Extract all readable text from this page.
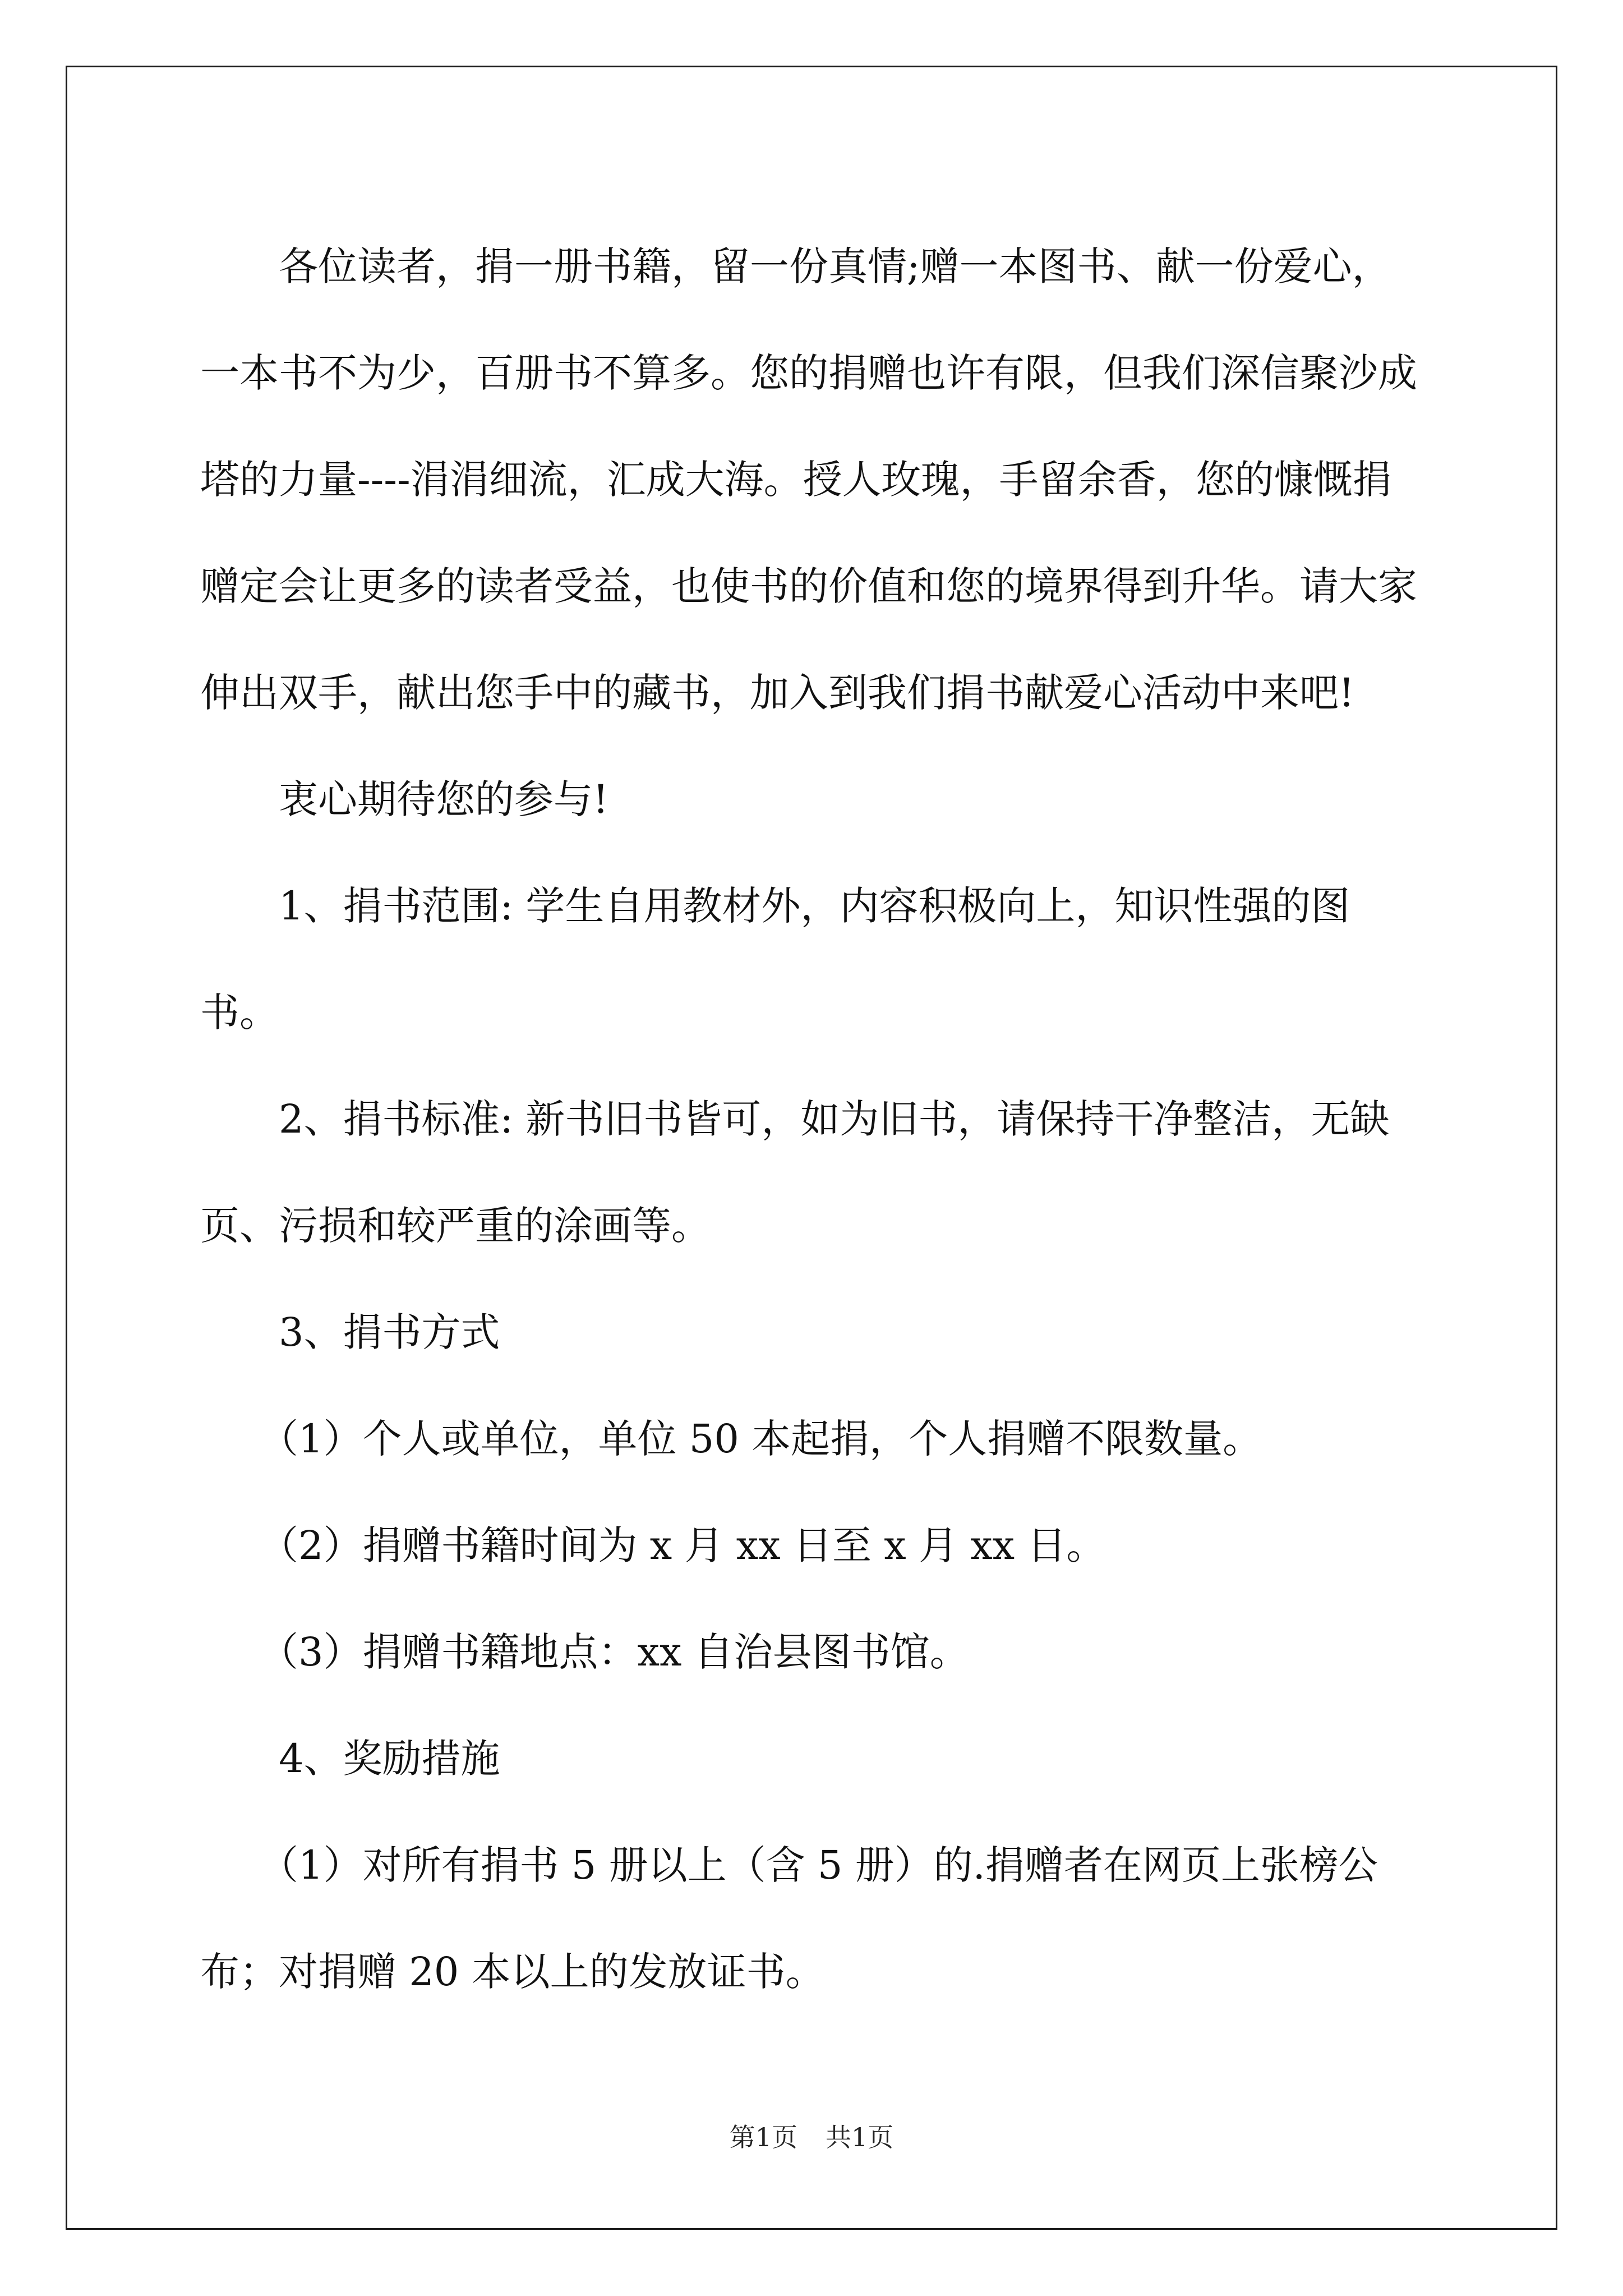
各位读者，捐一册书籍，留一份真情;赠一本图书、献一份爱心，一本书不为少，百册书不算多。您的捐赠也许有限，但我们深信聚沙成塔的力量----涓涓细流，汇成大海。授人玫瑰，手留余香，您的慷慨捐赠定会让更多的读者受益，也使书的价值和您的境界得到升华。请大家伸出双手，献出您手中的藏书，加入到我们捐书献爱心活动中来吧!

衷心期待您的参与!

1、捐书范围: 学生自用教材外，内容积极向上，知识性强的图书。

2、捐书标准: 新书旧书皆可，如为旧书，请保持干净整洁，无缺页、污损和较严重的涂画等。

3、捐书方式

（1）个人或单位，单位 50 本起捐，个人捐赠不限数量。

（2）捐赠书籍时间为 x 月 xx 日至 x 月 xx 日。

（3）捐赠书籍地点：xx 自治县图书馆。

4、奖励措施

（1）对所有捐书 5 册以上（含 5 册）的.捐赠者在网页上张榜公布；对捐赠 20 本以上的发放证书。

第1页 共1页
